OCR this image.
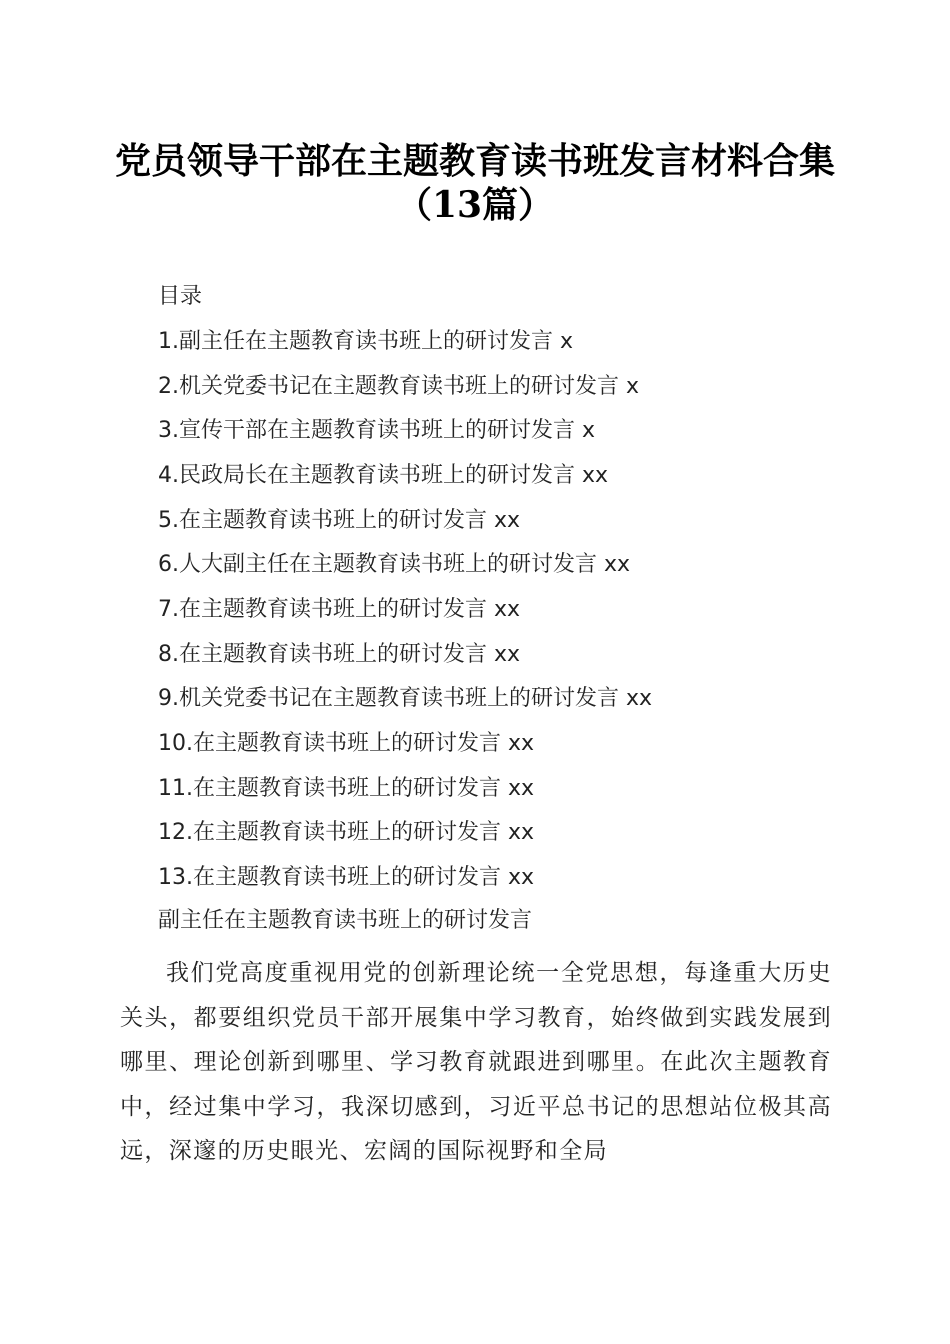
党员领导干部在主题教育读书班发言材料合集
（13篇）
目录
1.副主任在主题教育读书班上的研讨发言 x
2.机关党委书记在主题教育读书班上的研讨发言 x
3.宣传干部在主题教育读书班上的研讨发言 x
4.民政局长在主题教育读书班上的研讨发言 xx
5.在主题教育读书班上的研讨发言 xx
6.人大副主任在主题教育读书班上的研讨发言 xx
7.在主题教育读书班上的研讨发言 xx
8.在主题教育读书班上的研讨发言 xx
9.机关党委书记在主题教育读书班上的研讨发言 xx
10.在主题教育读书班上的研讨发言 xx
11.在主题教育读书班上的研讨发言 xx
12.在主题教育读书班上的研讨发言 xx
13.在主题教育读书班上的研讨发言 xx
副主任在主题教育读书班上的研讨发言

我们党高度重视用党的创新理论统一全党思想，每逢重大历史关头，都要组织党员干部开展集中学习教育，始终做到实践发展到哪里、理论创新到哪里、学习教育就跟进到哪里。在此次主题教育中，经过集中学习，我深切感到，习近平总书记的思想站位极其高远，深邃的历史眼光、宏阔的国际视野和全局
